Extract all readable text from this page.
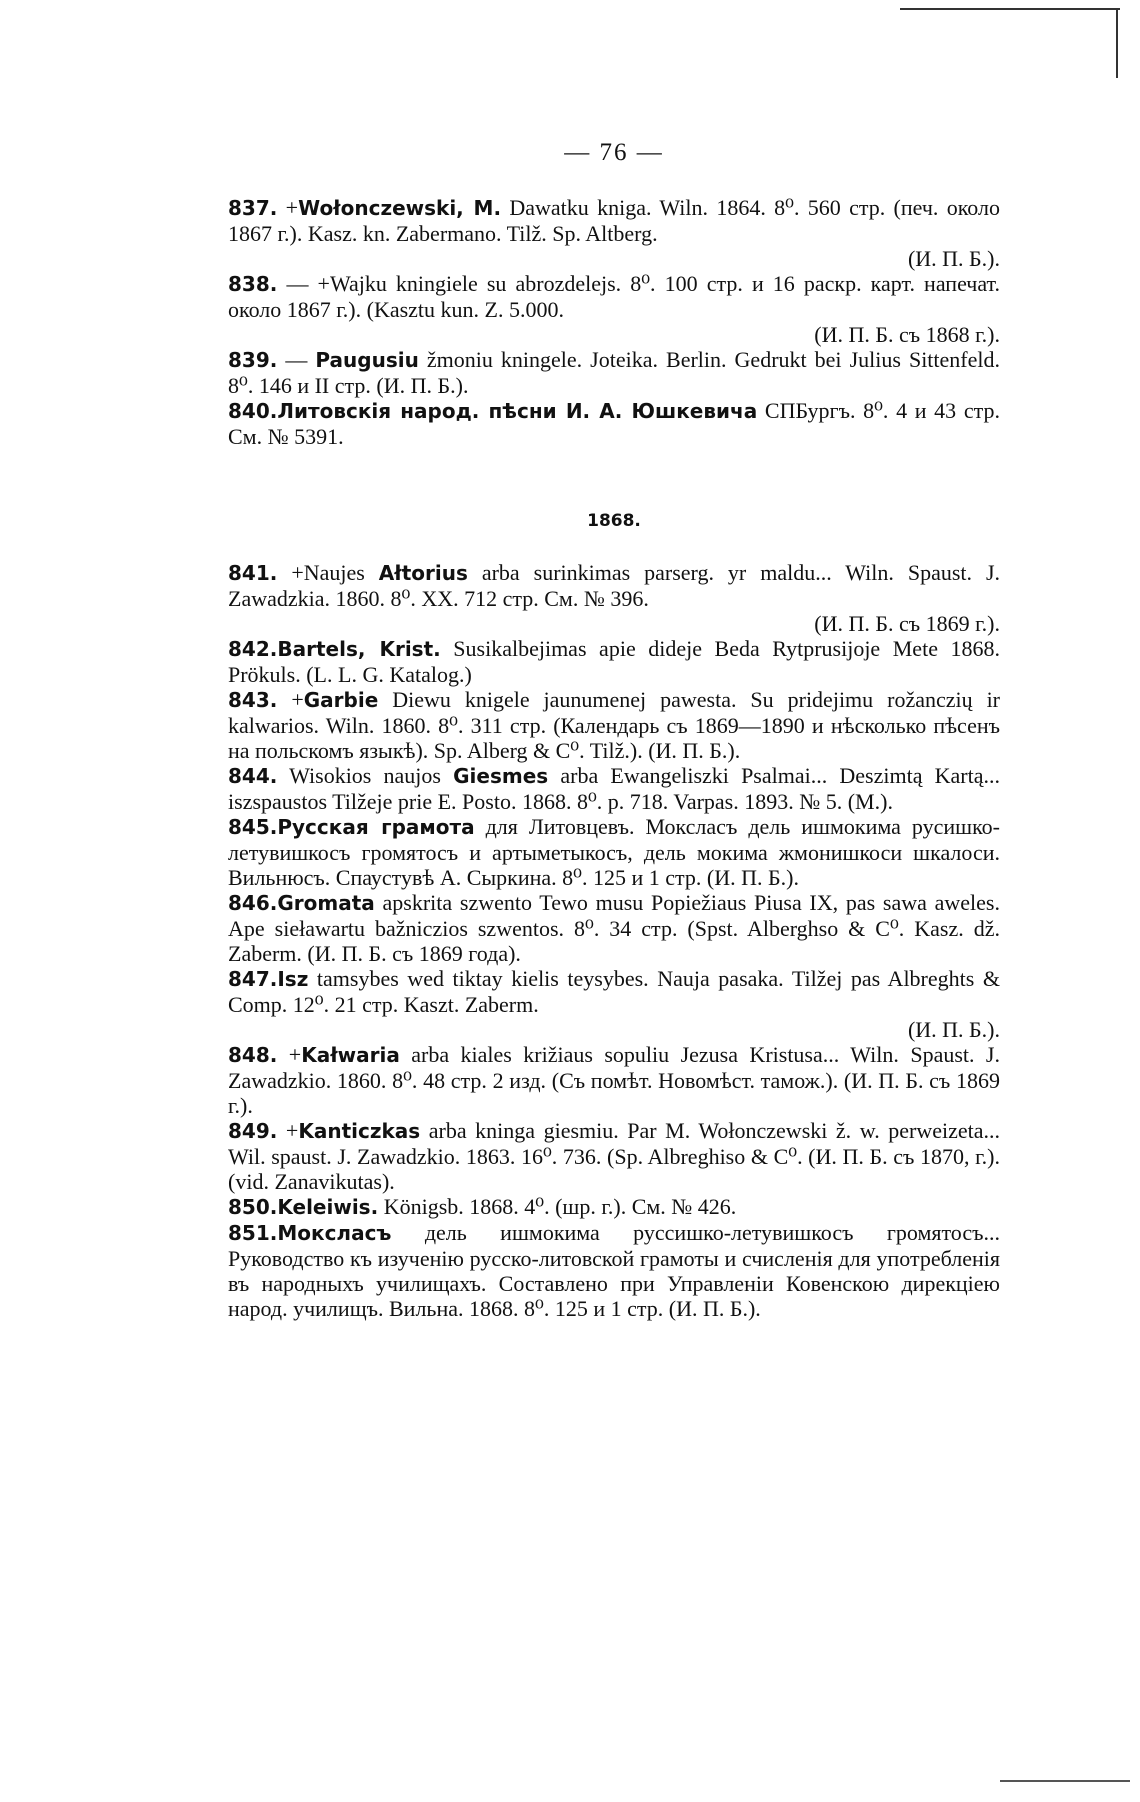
— 76 —

837. +Wołonczewski, M. Dawatku kniga. Wiln. 1864. 8⁰. 560 стр. (печ. около 1867 г.). Kasz. kn. Zabermano. Tilž. Sp. Altberg.
(И. П. Б.).

838. — +Wajku kningiele su abrozdelejs. 8⁰. 100 стр. и 16 раскр. карт. напечат. около 1867 г.). (Kasztu kun. Z. 5.000.
(И. П. Б. съ 1868 г.).

839. — Paugusiu žmoniu kningele. Joteika. Berlin. Gedrukt bei Julius Sittenfeld. 8⁰. 146 и II стр. (И. П. Б.).

840.Литовскія народ. пѣсни И. А. Юшкевича СПБургъ. 8⁰. 4 и 43 стр. См. № 5391.

1868.

841. +Naujes Ałtorius arba surinkimas parserg. yr maldu... Wiln. Spaust. J. Zawadzkia. 1860. 8⁰. XX. 712 стр. См. № 396.
(И. П. Б. съ 1869 г.).

842.Bartels, Krist. Susikalbejimas apie dideje Beda Rytprusijoje Mete 1868. Prökuls. (L. L. G. Katalog.)

843. +Garbie Diewu knigele jaunumenej pawesta. Su pridejimu rožanczių ir kalwarios. Wiln. 1860. 8⁰. 311 стр. (Календарь съ 1869—1890 и нѣсколько пѣсенъ на польскомъ языкѣ). Sp. Alberg & C⁰. Tilž.). (И. П. Б.).

844. Wisokios naujos Giesmes arba Ewangeliszki Psalmai... Deszimtą Kartą... iszspaustos Tilžeje prie E. Posto. 1868. 8⁰. p. 718. Varpas. 1893. № 5. (M.).

845.Русская грамота для Литовцевъ. Моксласъ дель ишмокима русишко-летувишкосъ громятосъ и артыметыкосъ, дель мокима жмонишкоси шкалоси. Вильнюсъ. Спаустувѣ А. Сыркина. 8⁰. 125 и 1 стр. (И. П. Б.).

846.Gromata apskrita szwento Tewo musu Popiežiaus Piusa IX, pas sawa aweles. Ape sieławartu bažniczios szwentos. 8⁰. 34 стр. (Spst. Alberghso & C⁰. Kasz. dž. Zaberm. (И. П. Б. съ 1869 года).

847.Isz tamsybes wed tiktay kielis teysybes. Nauja pasaka. Tilžej pas Albreghts & Comp. 12⁰. 21 стр. Kaszt. Zaberm.
(И. П. Б.).

848. +Kałwaria arba kiales križiaus sopuliu Jezusa Kristusa... Wiln. Spaust. J. Zawadzkio. 1860. 8⁰. 48 стр. 2 изд. (Съ помѣт. Новомѣст. тамож.). (И. П. Б. съ 1869 г.).

849. +Kanticzkas arba kninga giesmiu. Par M. Wołonczewski ž. w. perweizeta... Wil. spaust. J. Zawadzkio. 1863. 16⁰. 736. (Sp. Albreghiso & C⁰. (И. П. Б. съ 1870, г.). (vid. Zanavikutas).

850.Keleiwis. Königsb. 1868. 4⁰. (шр. г.). См. № 426.

851.Моксласъ дель ишмокима руссишко-летувишкосъ громятосъ... Руководство къ изученію русско-литовской грамоты и счисленія для употребленія въ народныхъ училищахъ. Составлено при Управленіи Ковенскою дирекціею народ. училищъ. Вильна. 1868. 8⁰. 125 и 1 стр. (И. П. Б.).
